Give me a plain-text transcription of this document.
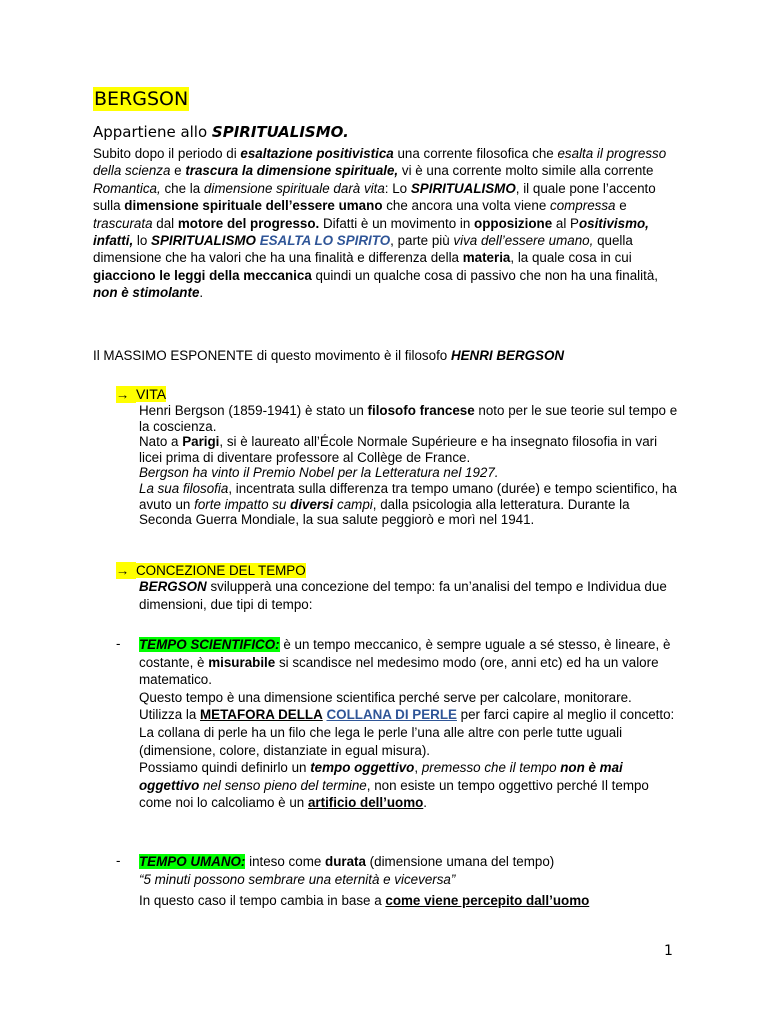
BERGSON
Appartiene allo SPIRITUALISMO.
Subito dopo il periodo di esaltazione positivistica una corrente filosofica che esalta il progresso della scienza e trascura la dimensione spirituale, vi è una corrente molto simile alla corrente Romantica, che la dimensione spirituale darà vita: Lo SPIRITUALISMO, il quale pone l’accento sulla dimensione spirituale dell’essere umano che ancora una volta viene compressa e trascurata dal motore del progresso. Difatti è un movimento in opposizione al Positivismo, infatti, lo SPIRITUALISMO ESALTA LO SPIRITO, parte più viva dell’essere umano, quella dimensione che ha valori che ha una finalità e differenza della materia, la quale cosa in cui giacciono le leggi della meccanica quindi un qualche cosa di passivo che non ha una finalità, non è stimolante.
Il MASSIMO ESPONENTE di questo movimento è il filosofo HENRI BERGSON
→ VITA
Henri Bergson (1859-1941) è stato un filosofo francese noto per le sue teorie sul tempo e la coscienza.
Nato a Parigi, si è laureato all’École Normale Supérieure e ha insegnato filosofia in vari licei prima di diventare professore al Collège de France.
Bergson ha vinto il Premio Nobel per la Letteratura nel 1927.
La sua filosofia, incentrata sulla differenza tra tempo umano (durée) e tempo scientifico, ha avuto un forte impatto su diversi campi, dalla psicologia alla letteratura. Durante la Seconda Guerra Mondiale, la sua salute peggiorò e morì nel 1941.
→ CONCEZIONE DEL TEMPO
BERGSON svilupperà una concezione del tempo: fa un’analisi del tempo e Individua due dimensioni, due tipi di tempo:
- TEMPO SCIENTIFICO: è un tempo meccanico, è sempre uguale a sé stesso, è lineare, è costante, è misurabile si scandisce nel medesimo modo (ore, anni etc) ed ha un valore matematico.
Questo tempo è una dimensione scientifica perché serve per calcolare, monitorare.
Utilizza la METAFORA DELLA COLLANA DI PERLE per farci capire al meglio il concetto:
La collana di perle ha un filo che lega le perle l’una alle altre con perle tutte uguali (dimensione, colore, distanziate in egual misura).
Possiamo quindi definirlo un tempo oggettivo, premesso che il tempo non è mai oggettivo nel senso pieno del termine, non esiste un tempo oggettivo perché Il tempo come noi lo calcoliamo è un artificio dell’uomo.
- TEMPO UMANO: inteso come durata (dimensione umana del tempo)
“5 minuti possono sembrare una eternità e viceversa”
In questo caso il tempo cambia in base a come viene percepito dall’uomo
1
